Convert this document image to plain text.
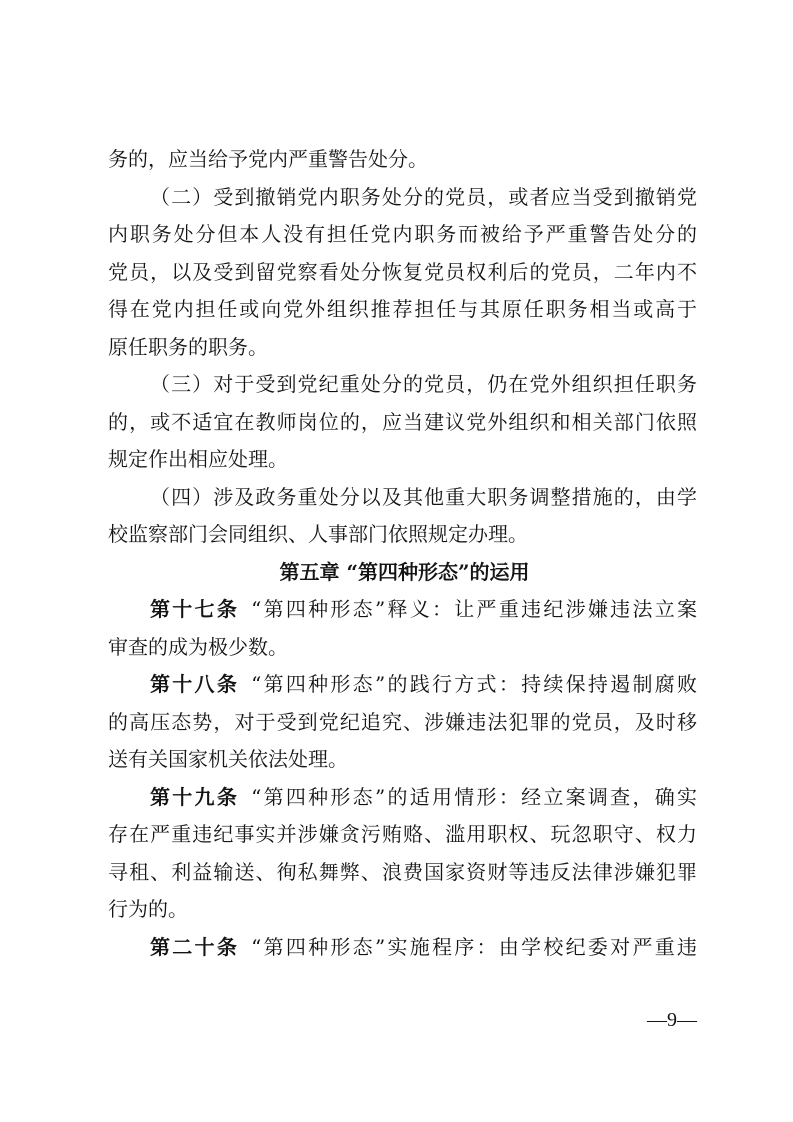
务的，应当给予党内严重警告处分。
（二）受到撤销党内职务处分的党员，或者应当受到撤销党
内职务处分但本人没有担任党内职务而被给予严重警告处分的
党员，以及受到留党察看处分恢复党员权利后的党员，二年内不
得在党内担任或向党外组织推荐担任与其原任职务相当或高于
原任职务的职务。
（三）对于受到党纪重处分的党员，仍在党外组织担任职务
的，或不适宜在教师岗位的，应当建议党外组织和相关部门依照
规定作出相应处理。
（四）涉及政务重处分以及其他重大职务调整措施的，由学
校监察部门会同组织、人事部门依照规定办理。
第五章 “第四种形态”的运用
第十七条 “第四种形态”释义：让严重违纪涉嫌违法立案
审查的成为极少数。
第十八条 “第四种形态”的践行方式：持续保持遏制腐败
的高压态势，对于受到党纪追究、涉嫌违法犯罪的党员，及时移
送有关国家机关依法处理。
第十九条 “第四种形态”的适用情形：经立案调查，确实
存在严重违纪事实并涉嫌贪污贿赂、滥用职权、玩忽职守、权力
寻租、利益输送、徇私舞弊、浪费国家资财等违反法律涉嫌犯罪
行为的。
第二十条 “第四种形态”实施程序：由学校纪委对严重违
—9—
